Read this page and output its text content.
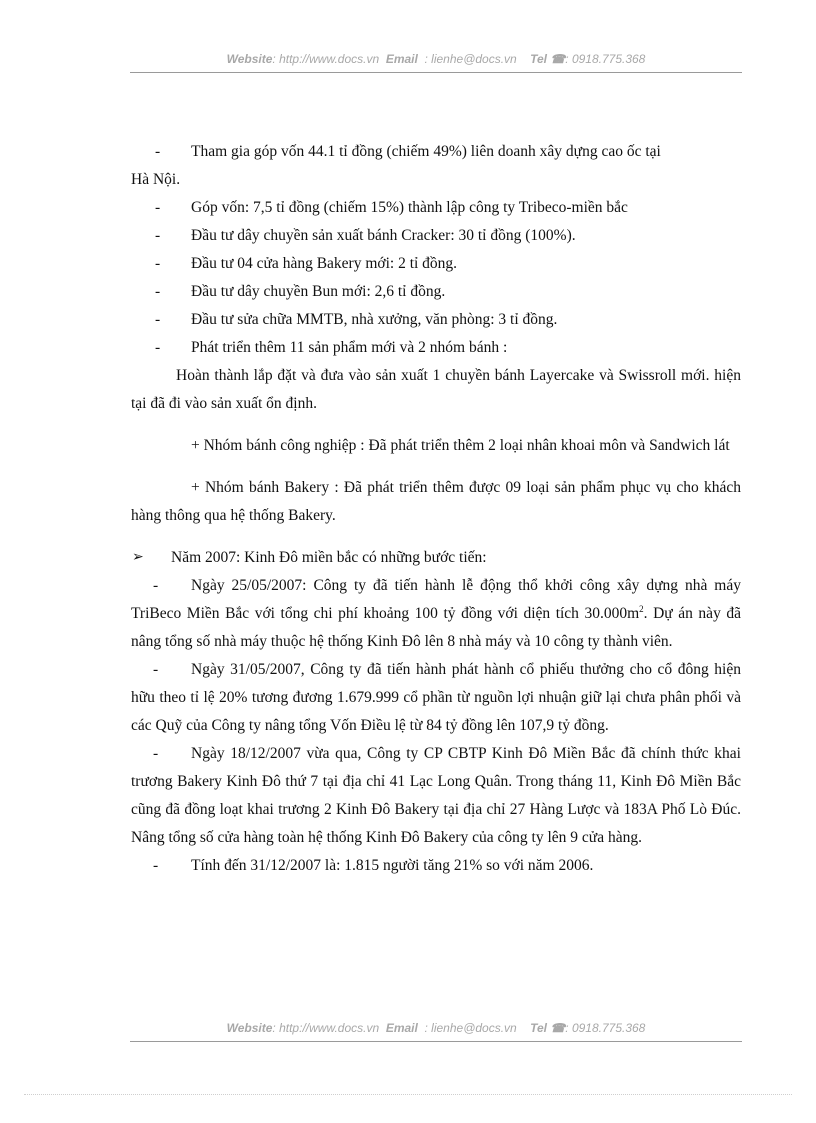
Website: http://www.docs.vn Email : lienhe@docs.vn Tel ☎: 0918.775.368

- Tham gia góp vốn 44.1 tỉ đồng (chiếm 49%) liên doanh xây dựng cao ốc tại

Hà Nội.

- Góp vốn: 7,5 tỉ đồng (chiếm 15%) thành lập công ty Tribeco-miền bắc

- Đầu tư dây chuyền sản xuất bánh Cracker: 30 tỉ đồng (100%).

- Đầu tư 04 cửa hàng Bakery mới: 2 tỉ đồng.

- Đầu tư dây chuyền Bun mới: 2,6 tỉ đồng.

- Đầu tư sửa chữa MMTB, nhà xưởng, văn phòng: 3 tỉ đồng.

- Phát triển thêm 11 sản phẩm mới và 2 nhóm bánh :

Hoàn thành lắp đặt và đưa vào sản xuất 1 chuyền bánh Layercake và Swissroll mới. hiện tại đã đi vào sản xuất ổn định.

+ Nhóm bánh công nghiệp : Đã phát triển thêm 2 loại nhân khoai môn và Sandwich lát

+ Nhóm bánh Bakery : Đã phát triển thêm được 09 loại sản phẩm phục vụ cho khách hàng thông qua hệ thống Bakery.

➢ Năm 2007: Kinh Đô miền bắc có những bước tiến:

- Ngày 25/05/2007: Công ty đã tiến hành lễ động thổ khởi công xây dựng nhà máy TriBeco Miền Bắc với tổng chi phí khoảng 100 tỷ đồng với diện tích $30.000m^2$. Dự án này đã nâng tổng số nhà máy thuộc hệ thống Kinh Đô lên 8 nhà máy và 10 công ty thành viên.

- Ngày 31/05/2007, Công ty đã tiến hành phát hành cổ phiếu thưởng cho cổ đông hiện hữu theo tỉ lệ 20% tương đương 1.679.999 cổ phần từ nguồn lợi nhuận giữ lại chưa phân phối và các Quỹ của Công ty nâng tổng Vốn Điều lệ từ 84 tỷ đồng lên 107,9 tỷ đồng.

- Ngày 18/12/2007 vừa qua, Công ty CP CBTP Kinh Đô Miền Bắc đã chính thức khai trương Bakery Kinh Đô thứ 7 tại địa chỉ 41 Lạc Long Quân. Trong tháng 11, Kinh Đô Miền Bắc cũng đã đồng loạt khai trương 2 Kinh Đô Bakery tại địa chỉ 27 Hàng Lược và 183A Phố Lò Đúc. Nâng tổng số cửa hàng toàn hệ thống Kinh Đô Bakery của công ty lên 9 cửa hàng.

- Tính đến 31/12/2007 là: 1.815 người tăng 21% so với năm 2006.

Website: http://www.docs.vn Email : lienhe@docs.vn Tel ☎: 0918.775.368
